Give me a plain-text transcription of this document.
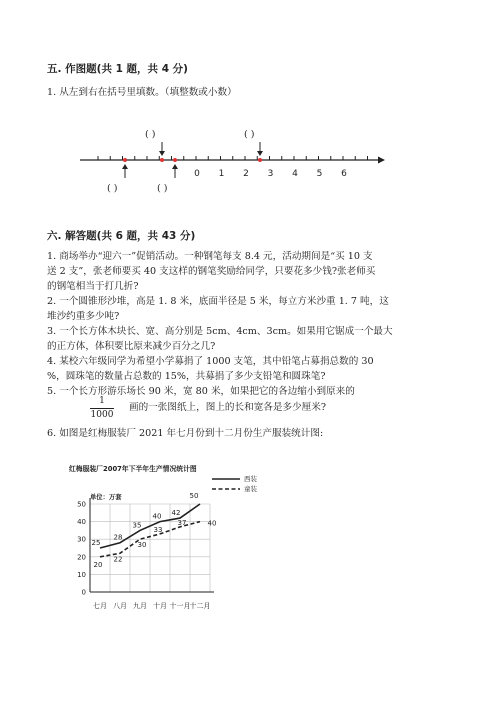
五. 作图题(共 1 题，共 4 分)
1. 从左到右在括号里填数。（填整数或小数）
0 1 2 3 4 5 6
( )	( )
( )	( )
六. 解答题(共 6 题，共 43 分)
1. 商场举办“迎六一”促销活动。一种钢笔每支 8.4 元，活动期间是“买 10 支
送 2 支”，张老师要买 40 支这样的钢笔奖励给同学，只要花多少钱?张老师买
的钢笔相当于打几折?
2. 一个圆锥形沙堆，高是 1. 8 米，底面半径是 5 米，每立方米沙重 1. 7 吨，这
堆沙约重多少吨?
3. 一个长方体木块长、宽、高分别是 5cm、4cm、3cm。如果用它锯成一个最大
的正方体，体积要比原来减少百分之几?
4. 某校六年级同学为希望小学募捐了 1000 支笔，其中铅笔占募捐总数的 30
%，圆珠笔的数量占总数的 15%，共募捐了多少支铅笔和圆珠笔?
5. 一个长方形游乐场长 90 米，宽 80 米，如果把它的各边缩小到原来的
1
1000
画的一张图纸上，图上的长和宽各是多少厘米?
6. 如图是红梅服装厂 2021 年七月份到十二月份生产服装统计图:
红梅服装厂2007年下半年生产情况统计图
单位：万套
西装
童装
0
10
20
30
40
50
七月 八月 九月 十月 十一月 十二月
25
28
35
40 42
50
20
22
30
33
37	40
